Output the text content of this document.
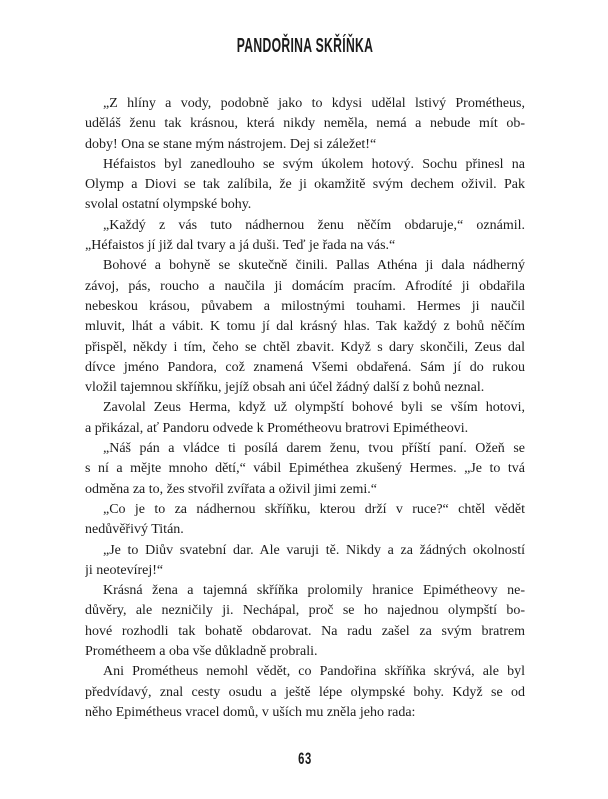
PANDOŘINA SKŘÍŇKA
„Z hlíny a vody, podobně jako to kdysi udělal lstivý Prométheus,
uděláš ženu tak krásnou, která nikdy neměla, nemá a nebude mít ob-
doby! Ona se stane mým nástrojem. Dej si záležet!“
Héfaistos byl zanedlouho se svým úkolem hotový. Sochu přinesl na
Olymp a Diovi se tak zalíbila, že ji okamžitě svým dechem oživil. Pak
svolal ostatní olympské bohy.
„Každý z vás tuto nádhernou ženu něčím obdaruje,“ oznámil.
„Héfaistos jí již dal tvary a já duši. Teď je řada na vás.“
Bohové a bohyně se skutečně činili. Pallas Athéna ji dala nádherný
závoj, pás, roucho a naučila ji domácím pracím. Afrodíté ji obdařila
nebeskou krásou, půvabem a milostnými touhami. Hermes ji naučil
mluvit, lhát a vábit. K tomu jí dal krásný hlas. Tak každý z bohů něčím
přispěl, někdy i tím, čeho se chtěl zbavit. Když s dary skončili, Zeus dal
dívce jméno Pandora, což znamená Všemi obdařená. Sám jí do rukou
vložil tajemnou skříňku, jejíž obsah ani účel žádný další z bohů neznal.
Zavolal Zeus Herma, když už olympští bohové byli se vším hotovi,
a přikázal, ať Pandoru odvede k Prométheovu bratrovi Epimétheovi.
„Náš pán a vládce ti posílá darem ženu, tvou příští paní. Ožeň se
s ní a mějte mnoho dětí,“ vábil Epiméthea zkušený Hermes. „Je to tvá
odměna za to, žes stvořil zvířata a oživil jimi zemi.“
„Co je to za nádhernou skříňku, kterou drží v ruce?“ chtěl vědět
nedůvěřivý Titán.
„Je to Diův svatební dar. Ale varuji tě. Nikdy a za žádných okolností
ji neotevírej!“
Krásná žena a tajemná skříňka prolomily hranice Epimétheovy ne-
důvěry, ale nezničily ji. Nechápal, proč se ho najednou olympští bo-
hové rozhodli tak bohatě obdarovat. Na radu zašel za svým bratrem
Prométheem a oba vše důkladně probrali.
Ani Prométheus nemohl vědět, co Pandořina skříňka skrývá, ale byl
předvídavý, znal cesty osudu a ještě lépe olympské bohy. Když se od
něho Epimétheus vracel domů, v uších mu zněla jeho rada:
63
